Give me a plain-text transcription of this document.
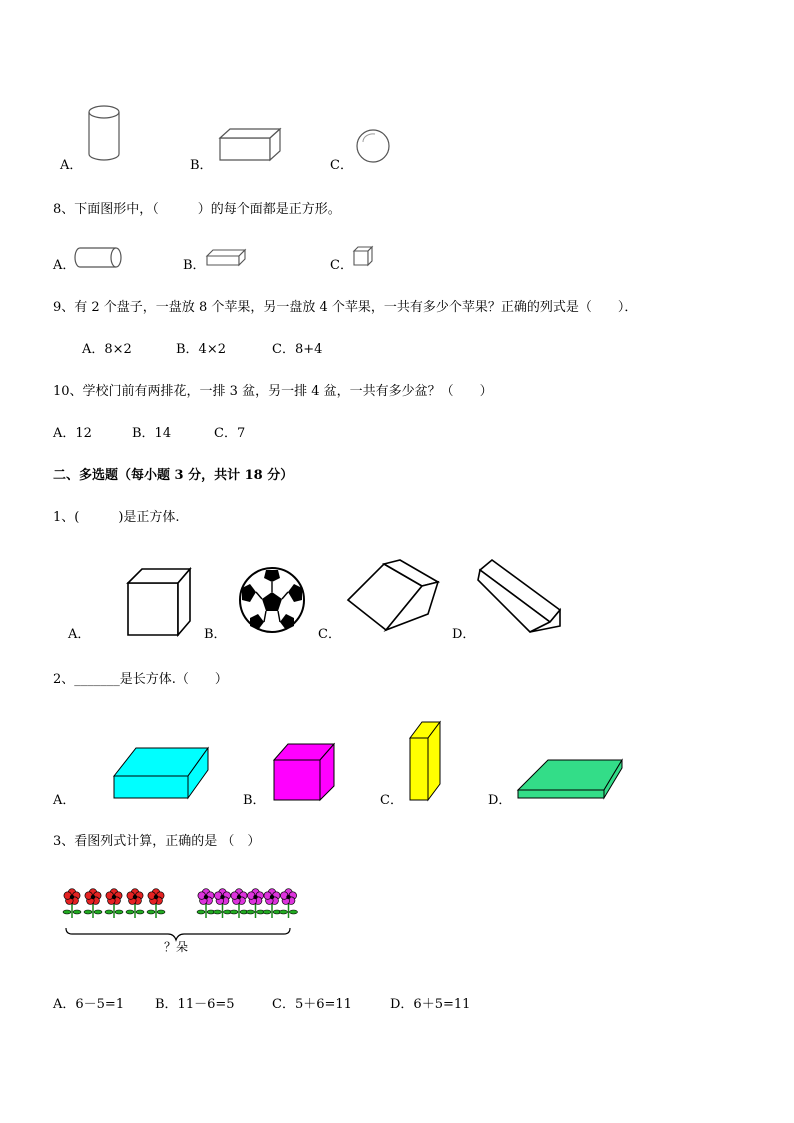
A．	B．	C．
8、下面图形中，（　　　）的每个面都是正方形。
A．	B．	C．
9、有 2 个盘子，一盘放 8 个苹果，另一盘放 4 个苹果，一共有多少个苹果？正确的列式是（　　）．
A．8×2	B．4×2	C．8+4
10、学校门前有两排花，一排 3 盆，另一排 4 盆，一共有多少盆？（　　）
A．12	B．14	C．7
二、多选题（每小题 3 分，共计 18 分）
1、(　　　)是正方体.
A．	B．	C．	D．
2、_______是长方体.（　　）
A．	B．	C．	D．
3、看图列式计算，正确的是 （　）
？朵
A．6－5=1 B．11－6=5	C．5＋6=11	D．6＋5=11
